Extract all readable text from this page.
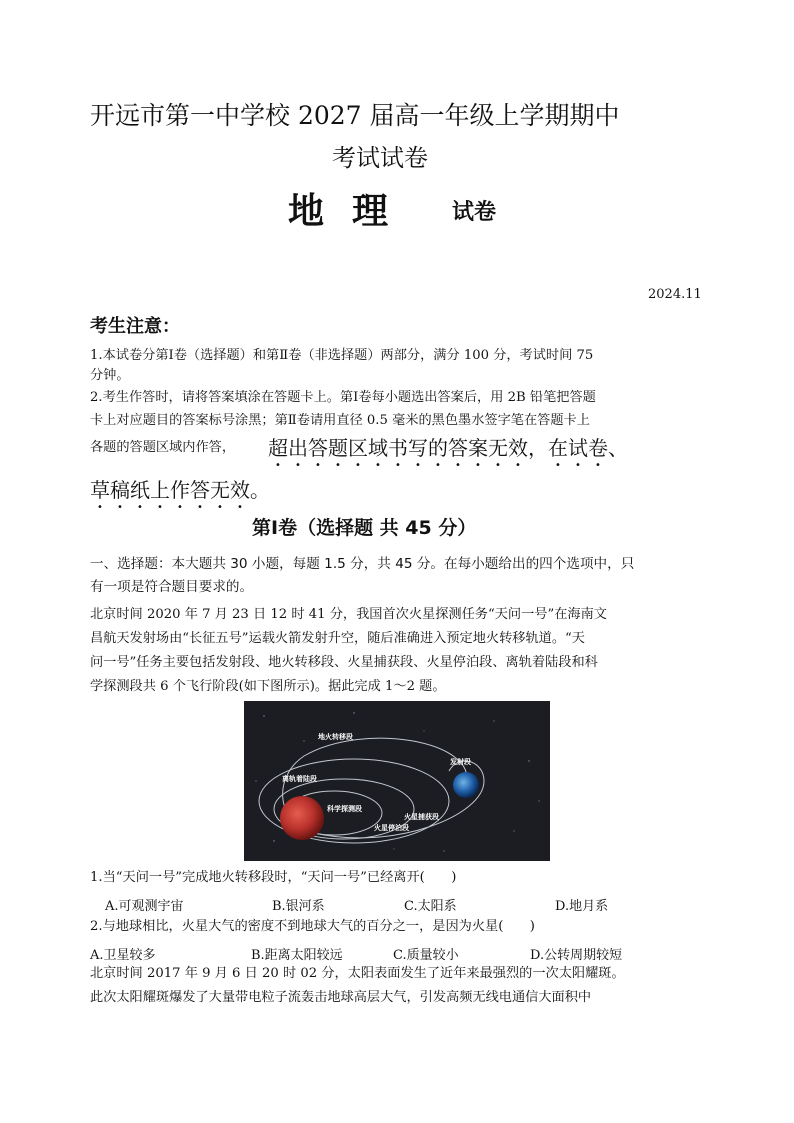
开远市第一中学校 2027 届高一年级上学期期中
考试试卷
地理 试卷
2024.11
考生注意：
1.本试卷分第Ⅰ卷（选择题）和第Ⅱ卷（非选择题）两部分，满分 100 分，考试时间 75
分钟。
2.考生作答时，请将答案填涂在答题卡上。第Ⅰ卷每小题选出答案后，用 2B 铅笔把答题
卡上对应题目的答案标号涂黑；第Ⅱ卷请用直径 0.5 毫米的黑色墨水签字笔在答题卡上
各题的答题区域内作答， 超出答题区域书写的答案无效，在试卷、
草稿纸上作答无效。
第Ⅰ卷（选择题 共 45 分）
一、选择题：本大题共 30 小题，每题 1.5 分，共 45 分。在每小题给出的四个选项中，只
有一项是符合题目要求的。
北京时间 2020 年 7 月 23 日 12 时 41 分，我国首次火星探测任务“天问一号”在海南文
昌航天发射场由“长征五号”运载火箭发射升空，随后准确进入预定地火转移轨道。“天
问一号”任务主要包括发射段、地火转移段、火星捕获段、火星停泊段、离轨着陆段和科
学探测段共 6 个飞行阶段(如下图所示)。据此完成 1～2 题。
地火转移段
发射段
离轨着陆段
科学探测段
火星捕获段
火星停泊段
1.当“天问一号”完成地火转移段时，“天问一号”已经离开(　　)
A.可观测宇宙	B.银河系	C.太阳系	D.地月系
2.与地球相比，火星大气的密度不到地球大气的百分之一，是因为火星(　　)
A.卫星较多	B.距离太阳较远	C.质量较小	D.公转周期较短
北京时间 2017 年 9 月 6 日 20 时 02 分，太阳表面发生了近年来最强烈的一次太阳耀斑。
此次太阳耀斑爆发了大量带电粒子流轰击地球高层大气，引发高频无线电通信大面积中
